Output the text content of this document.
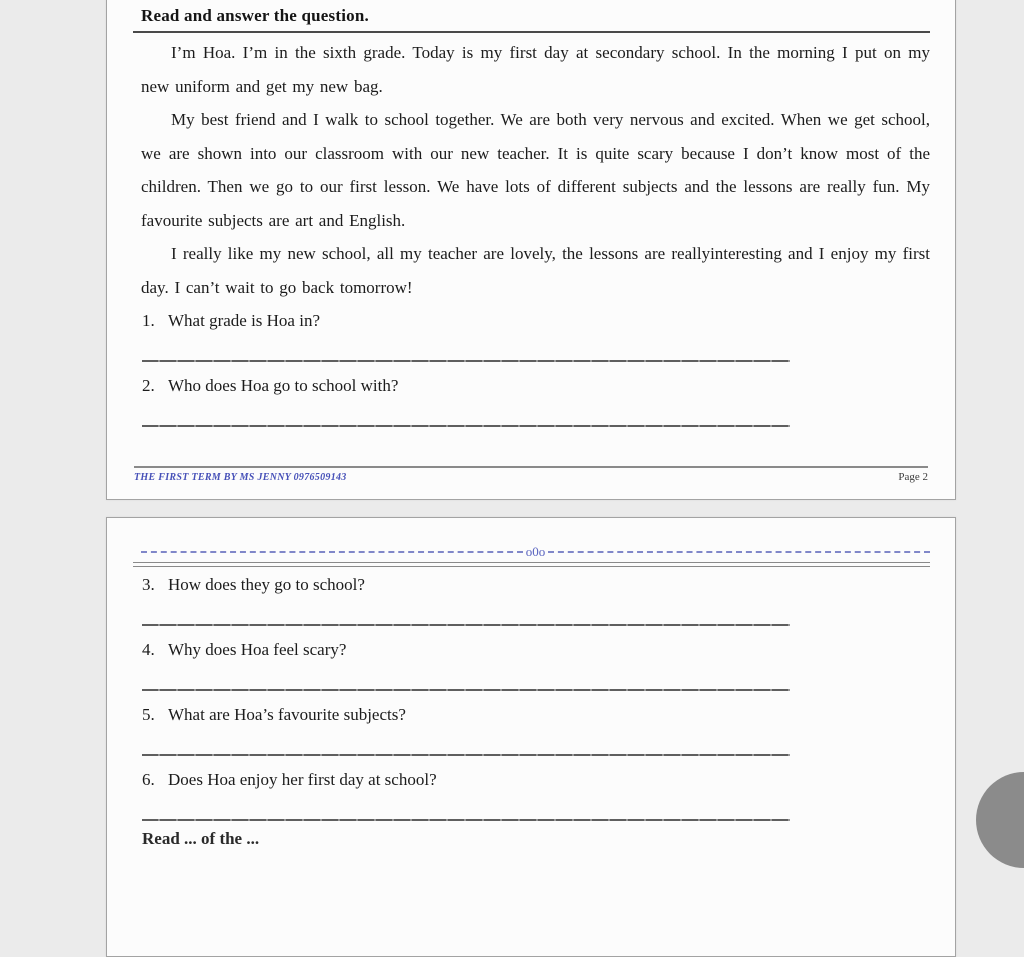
Read and answer the question.

I’m Hoa. I’m in the sixth grade. Today is my first day at secondary school. In the morning I put on my new uniform and get my new bag.

My best friend and I walk to school together. We are both very nervous and excited. When we get school, we are shown into our classroom with our new teacher. It is quite scary because I don’t know most of the children. Then we go to our first lesson. We have lots of different subjects and the lessons are really fun. My favourite subjects are art and English.

I really like my new school, all my teacher are lovely, the lessons are reallyinteresting and I enjoy my first day. I can’t wait to go back tomorrow!

1. What grade is Hoa in?
2. Who does Hoa go to school with?
THE FIRST TERM BY MS JENNY 0976509143	Page 2
o0o
3. How does they go to school?
4. Why does Hoa feel scary?
5. What are Hoa’s favourite subjects?
6. Does Hoa enjoy her first day at school?
Read ... of the ...
